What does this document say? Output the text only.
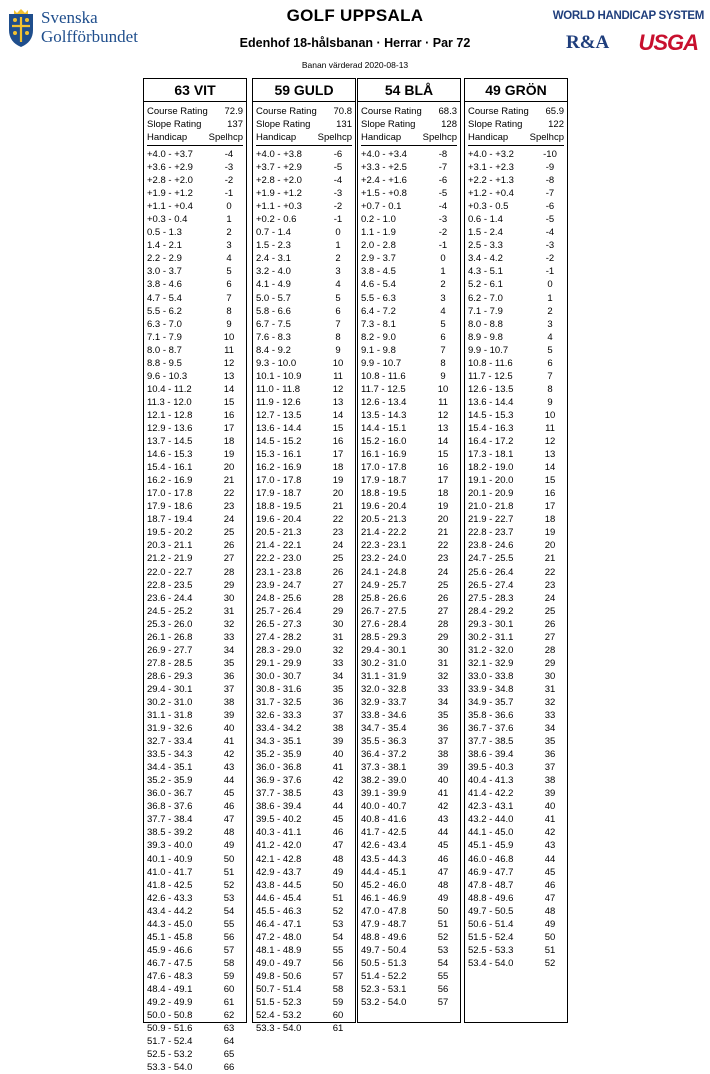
Svenska
Golfförbundet
GOLF UPPSALA
Edenhof 18-hålsbanan · Herrar · Par 72
Banan värderad 2020-08-13
WORLD HANDICAP SYSTEM
R&A USGA
63 VIT
Course Rating 72.9
Slope Rating	137
Handicap Spelhcp
+4.0 - +3.7	-4
+3.6 - +2.9	-3
+2.8 - +2.0	-2
+1.9 - +1.2	-1
+1.1 - +0.4	0
+0.3 - 0.4	1
0.5 - 1.3	2
1.4 - 2.1	3
2.2 - 2.9	4
3.0 - 3.7	5
3.8 - 4.6	6
4.7 - 5.4	7
5.5 - 6.2	8
6.3 - 7.0	9
7.1 - 7.9	10
8.0 - 8.7	11
8.8 - 9.5	12
9.6 - 10.3	13
10.4 - 11.2	14
11.3 - 12.0	15
12.1 - 12.8	16
12.9 - 13.6	17
13.7 - 14.5	18
14.6 - 15.3	19
15.4 - 16.1	20
16.2 - 16.9	21
17.0 - 17.8	22
17.9 - 18.6	23
18.7 - 19.4	24
19.5 - 20.2	25
20.3 - 21.1	26
21.2 - 21.9	27
22.0 - 22.7	28
22.8 - 23.5	29
23.6 - 24.4	30
24.5 - 25.2	31
25.3 - 26.0	32
26.1 - 26.8	33
26.9 - 27.7	34
27.8 - 28.5	35
28.6 - 29.3	36
29.4 - 30.1	37
30.2 - 31.0	38
31.1 - 31.8	39
31.9 - 32.6	40
32.7 - 33.4	41
33.5 - 34.3	42
34.4 - 35.1	43
35.2 - 35.9	44
36.0 - 36.7	45
36.8 - 37.6	46
37.7 - 38.4	47
38.5 - 39.2	48
39.3 - 40.0	49
40.1 - 40.9	50
41.0 - 41.7	51
41.8 - 42.5	52
42.6 - 43.3	53
43.4 - 44.2	54
44.3 - 45.0	55
45.1 - 45.8	56
45.9 - 46.6	57
46.7 - 47.5	58
47.6 - 48.3	59
48.4 - 49.1	60
49.2 - 49.9	61
50.0 - 50.8	62
50.9 - 51.6	63
51.7 - 52.4	64
52.5 - 53.2	65
53.3 - 54.0	66
59 GULD
Course Rating 70.8
Slope Rating	131
Handicap Spelhcp
+4.0 - +3.8	-6
+3.7 - +2.9	-5
+2.8 - +2.0	-4
+1.9 - +1.2	-3
+1.1 - +0.3	-2
+0.2 - 0.6	-1
0.7 - 1.4	0
1.5 - 2.3	1
2.4 - 3.1	2
3.2 - 4.0	3
4.1 - 4.9	4
5.0 - 5.7	5
5.8 - 6.6	6
6.7 - 7.5	7
7.6 - 8.3	8
8.4 - 9.2	9
9.3 - 10.0	10
10.1 - 10.9	11
11.0 - 11.8	12
11.9 - 12.6	13
12.7 - 13.5	14
13.6 - 14.4	15
14.5 - 15.2	16
15.3 - 16.1	17
16.2 - 16.9	18
17.0 - 17.8	19
17.9 - 18.7	20
18.8 - 19.5	21
19.6 - 20.4	22
20.5 - 21.3	23
21.4 - 22.1	24
22.2 - 23.0	25
23.1 - 23.8	26
23.9 - 24.7	27
24.8 - 25.6	28
25.7 - 26.4	29
26.5 - 27.3	30
27.4 - 28.2	31
28.3 - 29.0	32
29.1 - 29.9	33
30.0 - 30.7	34
30.8 - 31.6	35
31.7 - 32.5	36
32.6 - 33.3	37
33.4 - 34.2	38
34.3 - 35.1	39
35.2 - 35.9	40
36.0 - 36.8	41
36.9 - 37.6	42
37.7 - 38.5	43
38.6 - 39.4	44
39.5 - 40.2	45
40.3 - 41.1	46
41.2 - 42.0	47
42.1 - 42.8	48
42.9 - 43.7	49
43.8 - 44.5	50
44.6 - 45.4	51
45.5 - 46.3	52
46.4 - 47.1	53
47.2 - 48.0	54
48.1 - 48.9	55
49.0 - 49.7	56
49.8 - 50.6	57
50.7 - 51.4	58
51.5 - 52.3	59
52.4 - 53.2	60
53.3 - 54.0	61
54 BLÅ
Course Rating 68.3
Slope Rating	128
Handicap Spelhcp
+4.0 - +3.4	-8
+3.3 - +2.5	-7
+2.4 - +1.6	-6
+1.5 - +0.8	-5
+0.7 - 0.1	-4
0.2 - 1.0	-3
1.1 - 1.9	-2
2.0 - 2.8	-1
2.9 - 3.7	0
3.8 - 4.5	1
4.6 - 5.4	2
5.5 - 6.3	3
6.4 - 7.2	4
7.3 - 8.1	5
8.2 - 9.0	6
9.1 - 9.8	7
9.9 - 10.7	8
10.8 - 11.6	9
11.7 - 12.5	10
12.6 - 13.4	11
13.5 - 14.3	12
14.4 - 15.1	13
15.2 - 16.0	14
16.1 - 16.9	15
17.0 - 17.8	16
17.9 - 18.7	17
18.8 - 19.5	18
19.6 - 20.4	19
20.5 - 21.3	20
21.4 - 22.2	21
22.3 - 23.1	22
23.2 - 24.0	23
24.1 - 24.8	24
24.9 - 25.7	25
25.8 - 26.6	26
26.7 - 27.5	27
27.6 - 28.4	28
28.5 - 29.3	29
29.4 - 30.1	30
30.2 - 31.0	31
31.1 - 31.9	32
32.0 - 32.8	33
32.9 - 33.7	34
33.8 - 34.6	35
34.7 - 35.4	36
35.5 - 36.3	37
36.4 - 37.2	38
37.3 - 38.1	39
38.2 - 39.0	40
39.1 - 39.9	41
40.0 - 40.7	42
40.8 - 41.6	43
41.7 - 42.5	44
42.6 - 43.4	45
43.5 - 44.3	46
44.4 - 45.1	47
45.2 - 46.0	48
46.1 - 46.9	49
47.0 - 47.8	50
47.9 - 48.7	51
48.8 - 49.6	52
49.7 - 50.4	53
50.5 - 51.3	54
51.4 - 52.2	55
52.3 - 53.1	56
53.2 - 54.0	57
49 GRÖN
Course Rating 65.9
Slope Rating	122
Handicap Spelhcp
+4.0 - +3.2	-10
+3.1 - +2.3	-9
+2.2 - +1.3	-8
+1.2 - +0.4	-7
+0.3 - 0.5	-6
0.6 - 1.4	-5
1.5 - 2.4	-4
2.5 - 3.3	-3
3.4 - 4.2	-2
4.3 - 5.1	-1
5.2 - 6.1	0
6.2 - 7.0	1
7.1 - 7.9	2
8.0 - 8.8	3
8.9 - 9.8	4
9.9 - 10.7	5
10.8 - 11.6	6
11.7 - 12.5	7
12.6 - 13.5	8
13.6 - 14.4	9
14.5 - 15.3	10
15.4 - 16.3	11
16.4 - 17.2	12
17.3 - 18.1	13
18.2 - 19.0	14
19.1 - 20.0	15
20.1 - 20.9	16
21.0 - 21.8	17
21.9 - 22.7	18
22.8 - 23.7	19
23.8 - 24.6	20
24.7 - 25.5	21
25.6 - 26.4	22
26.5 - 27.4	23
27.5 - 28.3	24
28.4 - 29.2	25
29.3 - 30.1	26
30.2 - 31.1	27
31.2 - 32.0	28
32.1 - 32.9	29
33.0 - 33.8	30
33.9 - 34.8	31
34.9 - 35.7	32
35.8 - 36.6	33
36.7 - 37.6	34
37.7 - 38.5	35
38.6 - 39.4	36
39.5 - 40.3	37
40.4 - 41.3	38
41.4 - 42.2	39
42.3 - 43.1	40
43.2 - 44.0	41
44.1 - 45.0	42
45.1 - 45.9	43
46.0 - 46.8	44
46.9 - 47.7	45
47.8 - 48.7	46
48.8 - 49.6	47
49.7 - 50.5	48
50.6 - 51.4	49
51.5 - 52.4	50
52.5 - 53.3	51
53.4 - 54.0	52
